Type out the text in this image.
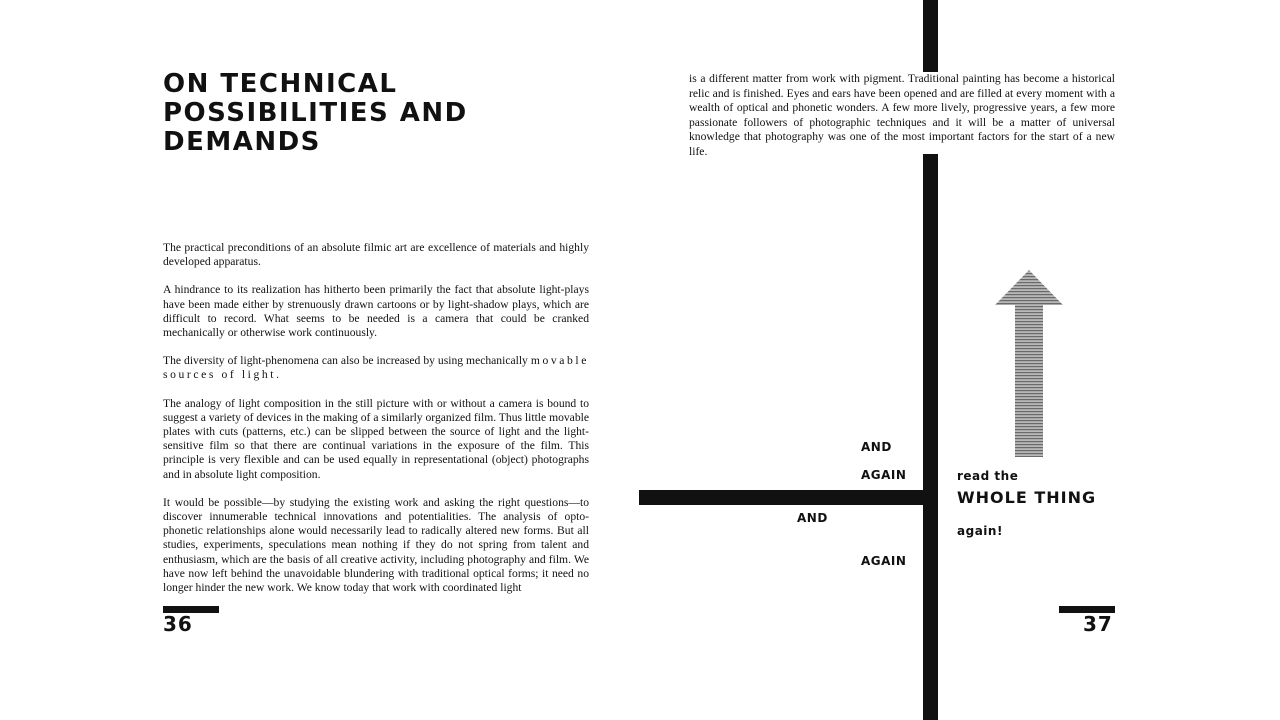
ON TECHNICAL
POSSIBILITIES AND
DEMANDS

The practical preconditions of an absolute filmic art are excellence of materials and highly developed apparatus.

A hindrance to its realization has hitherto been primarily the fact that absolute light-plays have been made either by strenuously drawn cartoons or by light-shadow plays, which are difficult to record. What seems to be needed is a camera that could be cranked mechanically or otherwise work continuously.

The diversity of light-phenomena can also be increased by using mechanically movable sources of light.

The analogy of light composition in the still picture with or without a camera is bound to suggest a variety of devices in the making of a similarly organized film. Thus little movable plates with cuts (patterns, etc.) can be slipped between the source of light and the light-sensitive film so that there are continual variations in the exposure of the film. This principle is very flexible and can be used equally in representational (object) photographs and in absolute light composition.

It would be possible—by studying the existing work and asking the right questions—to discover innumerable technical innovations and potentialities. The analysis of opto-phonetic relationships alone would necessarily lead to radically altered new forms. But all studies, experiments, speculations mean nothing if they do not spring from talent and enthusiasm, which are the basis of all creative activity, including photography and film. We have now left behind the unavoidable blundering with traditional optical forms; it need no longer hinder the new work. We know today that work with coordinated light

36

is a different matter from work with pigment. Traditional painting has become a historical relic and is finished. Eyes and ears have been opened and are filled at every moment with a wealth of optical and phonetic wonders. A few more lively, progressive years, a few more passionate followers of photographic techniques and it will be a matter of universal knowledge that photography was one of the most important factors for the start of a new life.

AND
AGAIN
AND
AGAIN
read the
WHOLE THING
again!
37
